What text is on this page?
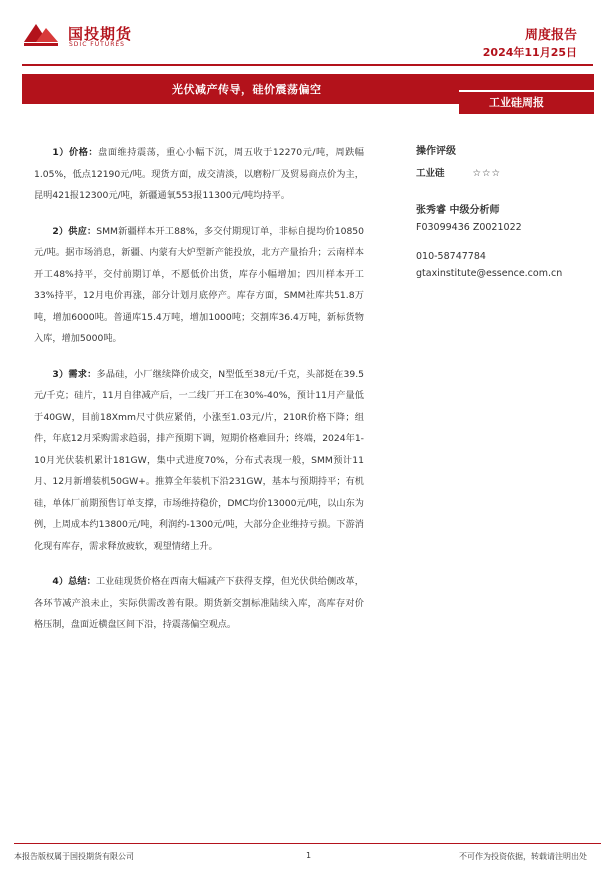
国投期货
SDIC FUTURES
周度报告
2024年11月25日
光伏减产传导，硅价震荡偏空
工业硅周报

1）价格：盘面维持震荡，重心小幅下沉，周五收于12270元/吨，周跌幅1.05%，低点12190元/吨。现货方面，成交清淡，以磨粉厂及贸易商点价为主，昆明421报12300元/吨，新疆通氧553报11300元/吨均持平。

2）供应：SMM新疆样本开工88%，多交付期现订单，非标自提均价10850元/吨。据市场消息，新疆、内蒙有大炉型新产能投放，北方产量抬升；云南样本开工48%持平，交付前期订单，不愿低价出货，库存小幅增加；四川样本开工33%持平，12月电价再涨，部分计划月底停产。库存方面，SMM社库共51.8万吨，增加6000吨。普通库15.4万吨，增加1000吨；交割库36.4万吨，新标货物入库，增加5000吨。

3）需求：多晶硅，小厂继续降价成交，N型低至38元/千克，头部挺在39.5元/千克；硅片，11月自律减产后，一二线厂开工在30%-40%，预计11月产量低于40GW，目前18Xmm尺寸供应紧俏，小涨至1.03元/片，210R价格下降；组件，年底12月采购需求趋弱，排产预期下调，短期价格难回升；终端，2024年1-10月光伏装机累计181GW，集中式进度70%，分布式表现一般，SMM预计11月、12月新增装机50GW+。推算全年装机下沿231GW，基本与预期持平；有机硅，单体厂前期预售订单支撑，市场维持稳价，DMC均价13000元/吨，以山东为例，上周成本约13800元/吨，利润约-1300元/吨，大部分企业维持亏损。下游消化现有库存，需求释放疲软，观望情绪上升。

4）总结：工业硅现货价格在西南大幅减产下获得支撑，但光伏供给侧改革，各环节减产浪未止，实际供需改善有限。期货新交割标准陆续入库，高库存对价格压制，盘面近横盘区间下沿，持震荡偏空观点。

操作评级
工业硅	☆☆☆
张秀睿 中级分析师
F03099436 Z0021022
010-58747784
gtaxinstitute@essence.com.cn
本报告版权属于国投期货有限公司	1	不可作为投资依据，转载请注明出处
